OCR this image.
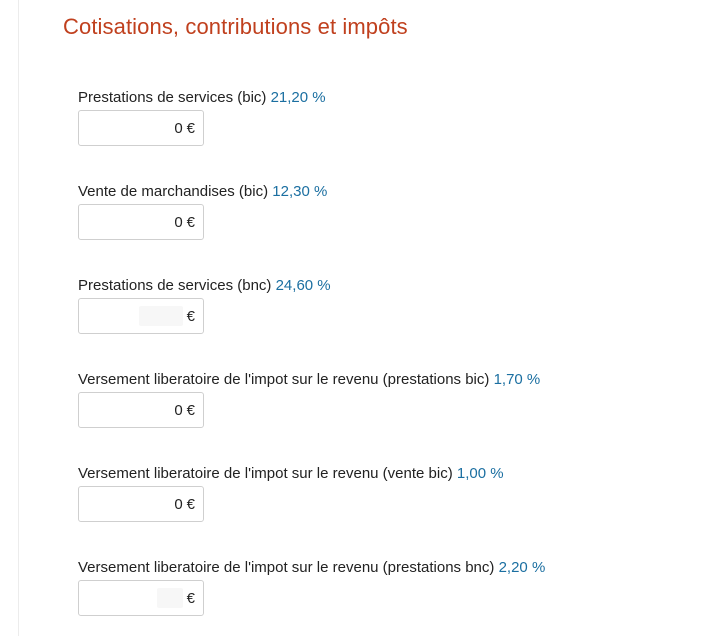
Cotisations, contributions et impôts
Prestations de services (bic) 21,20 %
0 €
Vente de marchandises (bic) 12,30 %
0 €
Prestations de services (bnc) 24,60 %
€
Versement liberatoire de l'impot sur le revenu (prestations bic) 1,70 %
0 €
Versement liberatoire de l'impot sur le revenu (vente bic) 1,00 %
0 €
Versement liberatoire de l'impot sur le revenu (prestations bnc) 2,20 %
€
